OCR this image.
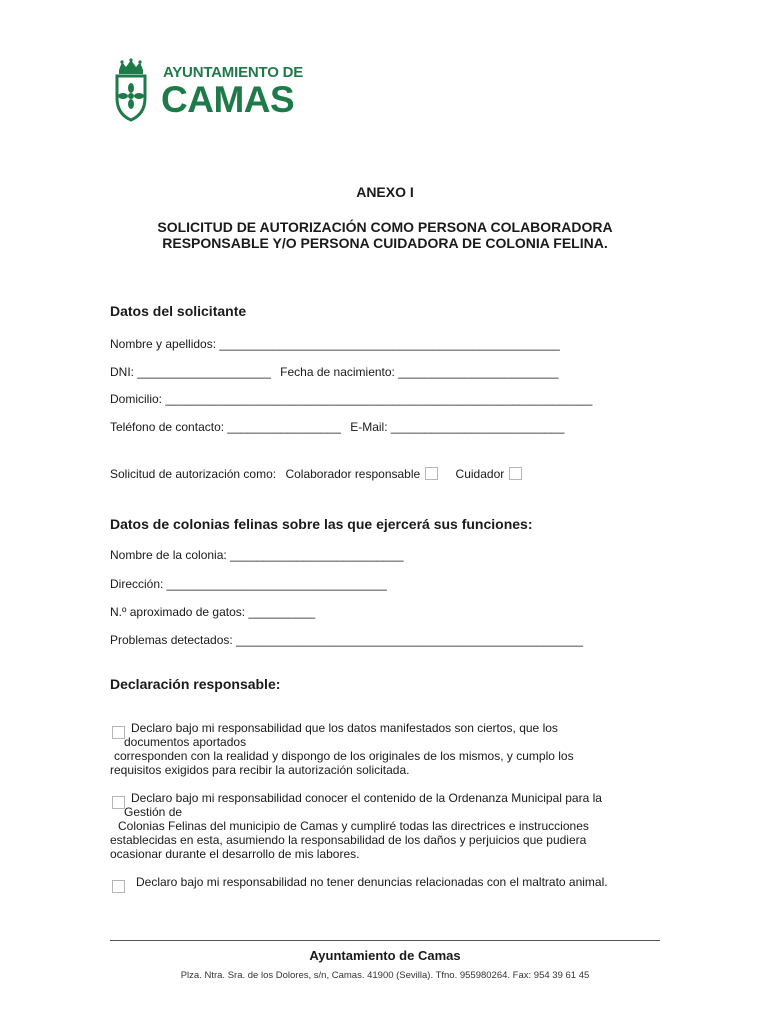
AYUNTAMIENTO DE
CAMAS
ANEXO I
SOLICITUD DE AUTORIZACIÓN COMO PERSONA COLABORADORA
RESPONSABLE Y/O PERSONA CUIDADORA DE COLONIA FELINA.
Datos del solicitante
Nombre y apellidos: ___________________________________________________
DNI: ____________________ Fecha de nacimiento: ________________________
Domicilio: ________________________________________________________________
Teléfono de contacto: _________________ E-Mail: __________________________
Solicitud de autorización como: Colaborador responsable	Cuidador
Datos de colonias felinas sobre las que ejercerá sus funciones:
Nombre de la colonia: __________________________
Dirección: _________________________________
N.º aproximado de gatos: __________
Problemas detectados: ____________________________________________________
Declaración responsable:
Declaro bajo mi responsabilidad que los datos manifestados son ciertos, que los
documentos aportados
corresponden con la realidad y dispongo de los originales de los mismos, y cumplo los
requisitos exigidos para recibir la autorización solicitada.
Declaro bajo mi responsabilidad conocer el contenido de la Ordenanza Municipal para la
Gestión de
Colonias Felinas del municipio de Camas y cumpliré todas las directrices e instrucciones
establecidas en esta, asumiendo la responsabilidad de los daños y perjuicios que pudiera
ocasionar durante el desarrollo de mis labores.
Declaro bajo mi responsabilidad no tener denuncias relacionadas con el maltrato animal.
Ayuntamiento de Camas
Plza. Ntra. Sra. de los Dolores, s/n, Camas. 41900 (Sevilla). Tfno. 955980264. Fax: 954 39 61 45
